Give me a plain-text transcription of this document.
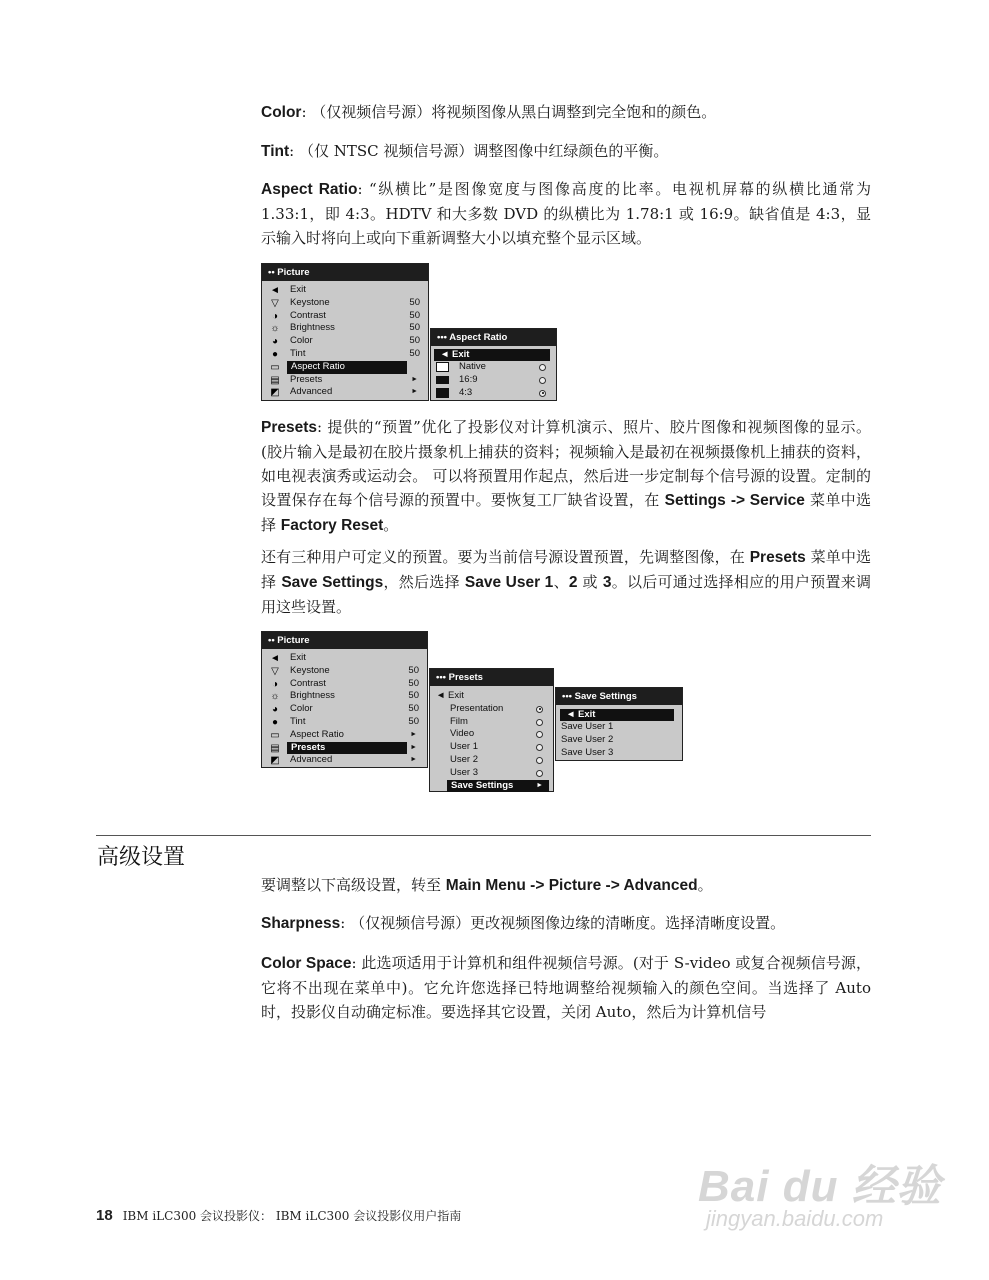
Color: （仅视频信号源）将视频图像从黑白调整到完全饱和的颜色。
Tint: （仅 NTSC 视频信号源）调整图像中红绿颜色的平衡。
Aspect Ratio: “纵横比”是图像宽度与图像高度的比率。电视机屏幕的纵横比通常为 1.33:1，即 4:3。HDTV 和大多数 DVD 的纵横比为 1.78:1 或 16:9。缺省值是 4:3，显示输入时将向上或向下重新调整大小以填充整个显示区域。
•• Picture
◄ Exit
▽	Keystone	50
◑	Contrast	50
☼ Brightness	50
◕	Color	50
●	Tint	50
▭ Aspect Ratio
▤ Presets	►
◩ Advanced	►
••• Aspect Ratio
◄ Exit
Native
16:9
4:3
Presets: 提供的“预置”优化了投影仪对计算机演示、照片、胶片图像和视频图像的显示。(胶片输入是最初在胶片摄象机上捕获的资料；视频输入是最初在视频摄像机上捕获的资料，如电视表演秀或运动会。 可以将预置用作起点，然后进一步定制每个信号源的设置。定制的设置保存在每个信号源的预置中。要恢复工厂缺省设置，在 Settings -> Service 菜单中选择 Factory Reset。
还有三种用户可定义的预置。要为当前信号源设置预置，先调整图像，在 Presets 菜单中选择 Save Settings，然后选择 Save User 1、2 或 3。以后可通过选择相应的用户预置来调用这些设置。
•• Picture
◄ Exit
▽	Keystone	50
◑	Contrast	50
☼ Brightness	50
◕	Color	50
●	Tint	50
▭ Aspect Ratio	►
▤ Presets	►
◩ Advanced	►
••• Presets
◄ Exit
Presentation
Film
Video
User 1
User 2
User 3
Save Settings	►
••• Save Settings
◄ Exit
Save User 1
Save User 2
Save User 3
高级设置
要调整以下高级设置，转至 Main Menu -> Picture -> Advanced。
Sharpness: （仅视频信号源）更改视频图像边缘的清晰度。选择清晰度设置。
Color Space: 此选项适用于计算机和组件视频信号源。(对于 S-video 或复合视频信号源，它将不出现在菜单中)。它允许您选择已特地调整给视频输入的颜色空间。当选择了 Auto 时，投影仪自动确定标准。要选择其它设置，关闭 Auto，然后为计算机信号
18 IBM iLC300 会议投影仪： IBM iLC300 会议投影仪用户指南
Bai du 经验
jingyan.baidu.com
